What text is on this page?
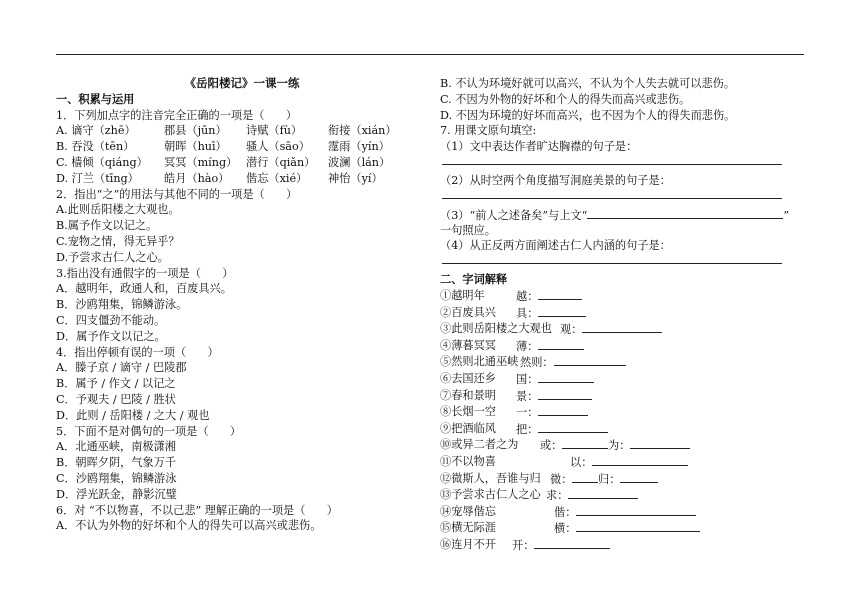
《岳阳楼记》一课一练
一、积累与运用
1．下列加点字的注音完全正确的一项是（      ）
A. 谪守（zhē）	郡县（jūn） 诗赋（fù） 衔接（xián）
B. 吞没（tēn）	朝晖（huī） 骚人（sāo） 霪雨（yín）
C. 樯倾（qiáng） 冥冥（míng） 潜行（qiǎn） 波澜（lán）
D. 汀兰（tīng） 皓月（hào） 偕忘（xié） 神怡（yí）
2．指出“之”的用法与其他不同的一项是（      ）
A.此则岳阳楼之大观也。
B.属予作文以记之。
C.宠物之情，得无异乎？
D.予尝求古仁人之心。
3.指出没有通假字的一项是（      ）
A．越明年，政通人和，百废具兴。
B．沙鸥翔集，锦鳞游泳。
C．四支僵劲不能动。
D．属予作文以记之。
4．指出停顿有误的一项（      ）
A．滕子京 / 谪守 / 巴陵郡
B．属予 / 作文 / 以记之
C．予观夫 / 巴陵 / 胜状
D．此则 / 岳阳楼 / 之大 / 观也
5．下面不是对偶句的一项是（      ）
A．北通巫峡，南极潇湘
B．朝晖夕阴，气象万千
C．沙鸥翔集，锦鳞游泳
D．浮光跃金，静影沉璧
6．对 “不以物喜，不以己悲” 理解正确的一项是（      ）
A．不认为外物的好坏和个人的得失可以高兴或悲伤。
B. 不认为环境好就可以高兴，不认为个人失去就可以悲伤。
C. 不因为外物的好坏和个人的得失而高兴或悲伤。
D. 不因为环境的好坏而高兴，也不因为个人的得失而悲伤。
7. 用课文原句填空:
（1）文中表达作者旷达胸襟的句子是：
（2）从时空两个角度描写洞庭美景的句子是：
（3）“前人之述备矣”与上文“	”
一句照应。
（4）从正反两方面阐述古仁人内涵的句子是：
二、字词解释
①越明年	越：
②百废具兴 具：
③此则岳阳楼之大观也 观：
④薄暮冥冥 薄：
⑤然则北通巫峡 然则：
⑥去国还乡 国：
⑦春和景明 景：
⑧长烟一空 一：
⑨把酒临风 把：
⑩或异二者之为 或：	为：
⑪不以物喜	以：
⑫微斯人，吾谁与归 微：	归：
⑬予尝求古仁人之心 求：
⑭宠辱偕忘	偕：
⑮横无际涯	横：
⑯连月不开 开：
